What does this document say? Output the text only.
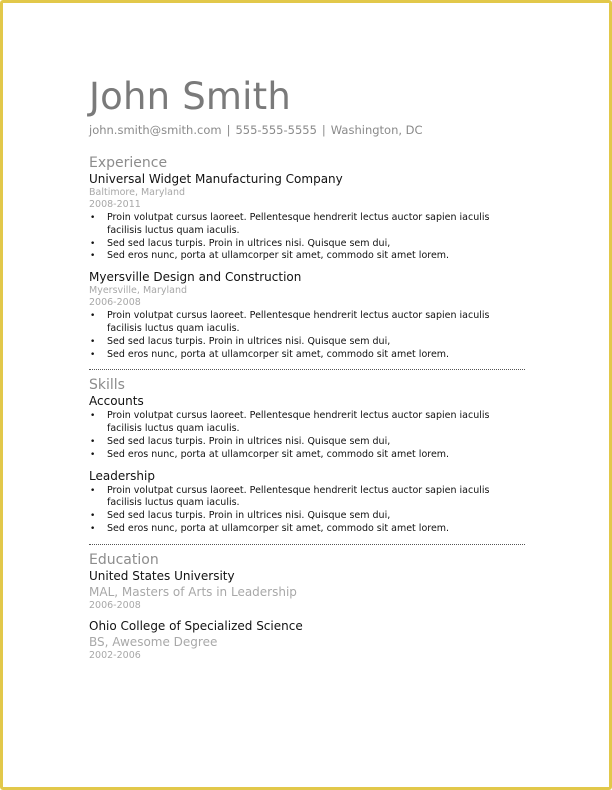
John Smith
john.smith@smith.com | 555-555-5555 | Washington, DC
Experience
Universal Widget Manufacturing Company
Baltimore, Maryland
2008-2011
• Proin volutpat cursus laoreet. Pellentesque hendrerit lectus auctor sapien iaculis facilisis luctus quam iaculis.
• Sed sed lacus turpis. Proin in ultrices nisi. Quisque sem dui,
• Sed eros nunc, porta at ullamcorper sit amet, commodo sit amet lorem.
Myersville Design and Construction
Myersville, Maryland
2006-2008
• Proin volutpat cursus laoreet. Pellentesque hendrerit lectus auctor sapien iaculis facilisis luctus quam iaculis.
• Sed sed lacus turpis. Proin in ultrices nisi. Quisque sem dui,
• Sed eros nunc, porta at ullamcorper sit amet, commodo sit amet lorem.
Skills
Accounts
• Proin volutpat cursus laoreet. Pellentesque hendrerit lectus auctor sapien iaculis facilisis luctus quam iaculis.
• Sed sed lacus turpis. Proin in ultrices nisi. Quisque sem dui,
• Sed eros nunc, porta at ullamcorper sit amet, commodo sit amet lorem.
Leadership
• Proin volutpat cursus laoreet. Pellentesque hendrerit lectus auctor sapien iaculis facilisis luctus quam iaculis.
• Sed sed lacus turpis. Proin in ultrices nisi. Quisque sem dui,
• Sed eros nunc, porta at ullamcorper sit amet, commodo sit amet lorem.
Education
United States University
MAL, Masters of Arts in Leadership
2006-2008
Ohio College of Specialized Science
BS, Awesome Degree
2002-2006
